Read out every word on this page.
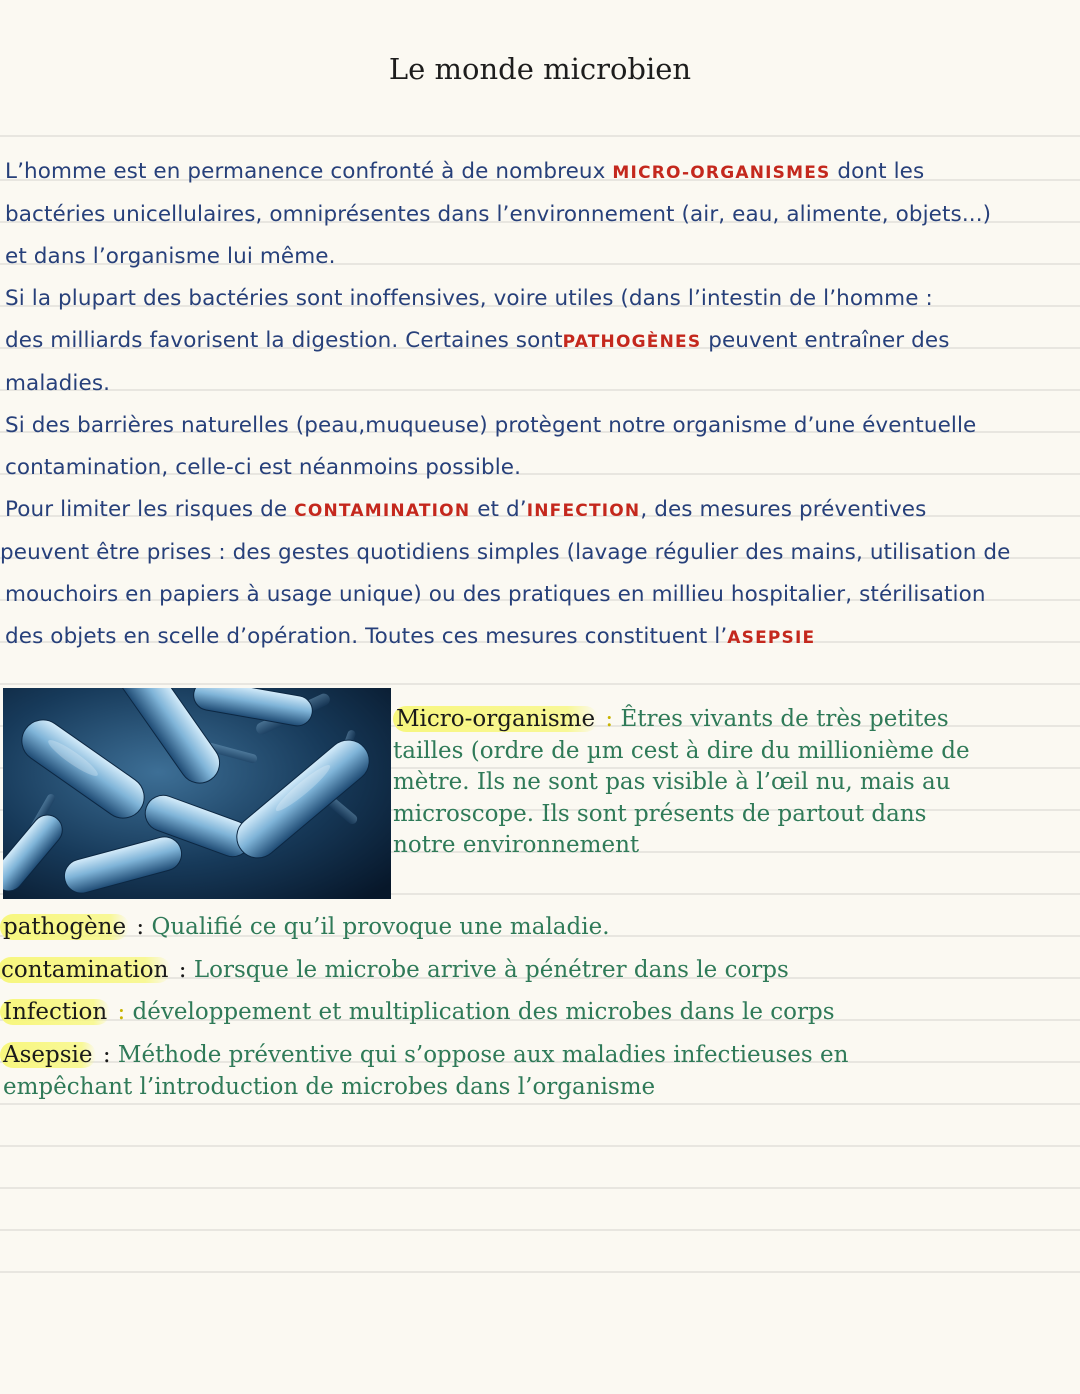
Le monde microbien
L’homme est en permanence confronté à de nombreux MICRO-ORGANISMES dont les
bactéries unicellulaires, omniprésentes dans l’environnement (air, eau, alimente, objets...)
et dans l’organisme lui même.
Si la plupart des bactéries sont inoffensives, voire utiles (dans l’intestin de l’homme :
des milliards favorisent la digestion. Certaines sontPATHOGÈNES peuvent entraîner des
maladies.
Si des barrières naturelles (peau,muqueuse) protègent notre organisme d’une éventuelle
contamination, celle-ci est néanmoins possible.
Pour limiter les risques de CONTAMINATION et d’INFECTION, des mesures préventives
peuvent être prises : des gestes quotidiens simples (lavage régulier des mains, utilisation de
mouchoirs en papiers à usage unique) ou des pratiques en millieu hospitalier, stérilisation
des objets en scelle d’opération. Toutes ces mesures constituent l’ASEPSIE
Micro-organisme : Êtres vivants de très petites
tailles (ordre de µm cest à dire du millionième de
mètre. Ils ne sont pas visible à l’œil nu, mais au
microscope. Ils sont présents de partout dans
notre environnement
pathogène : Qualifié ce qu’il provoque une maladie.
contamination : Lorsque le microbe arrive à pénétrer dans le corps
Infection : développement et multiplication des microbes dans le corps
Asepsie : Méthode préventive qui s’oppose aux maladies infectieuses en
empêchant l’introduction de microbes dans l’organisme
